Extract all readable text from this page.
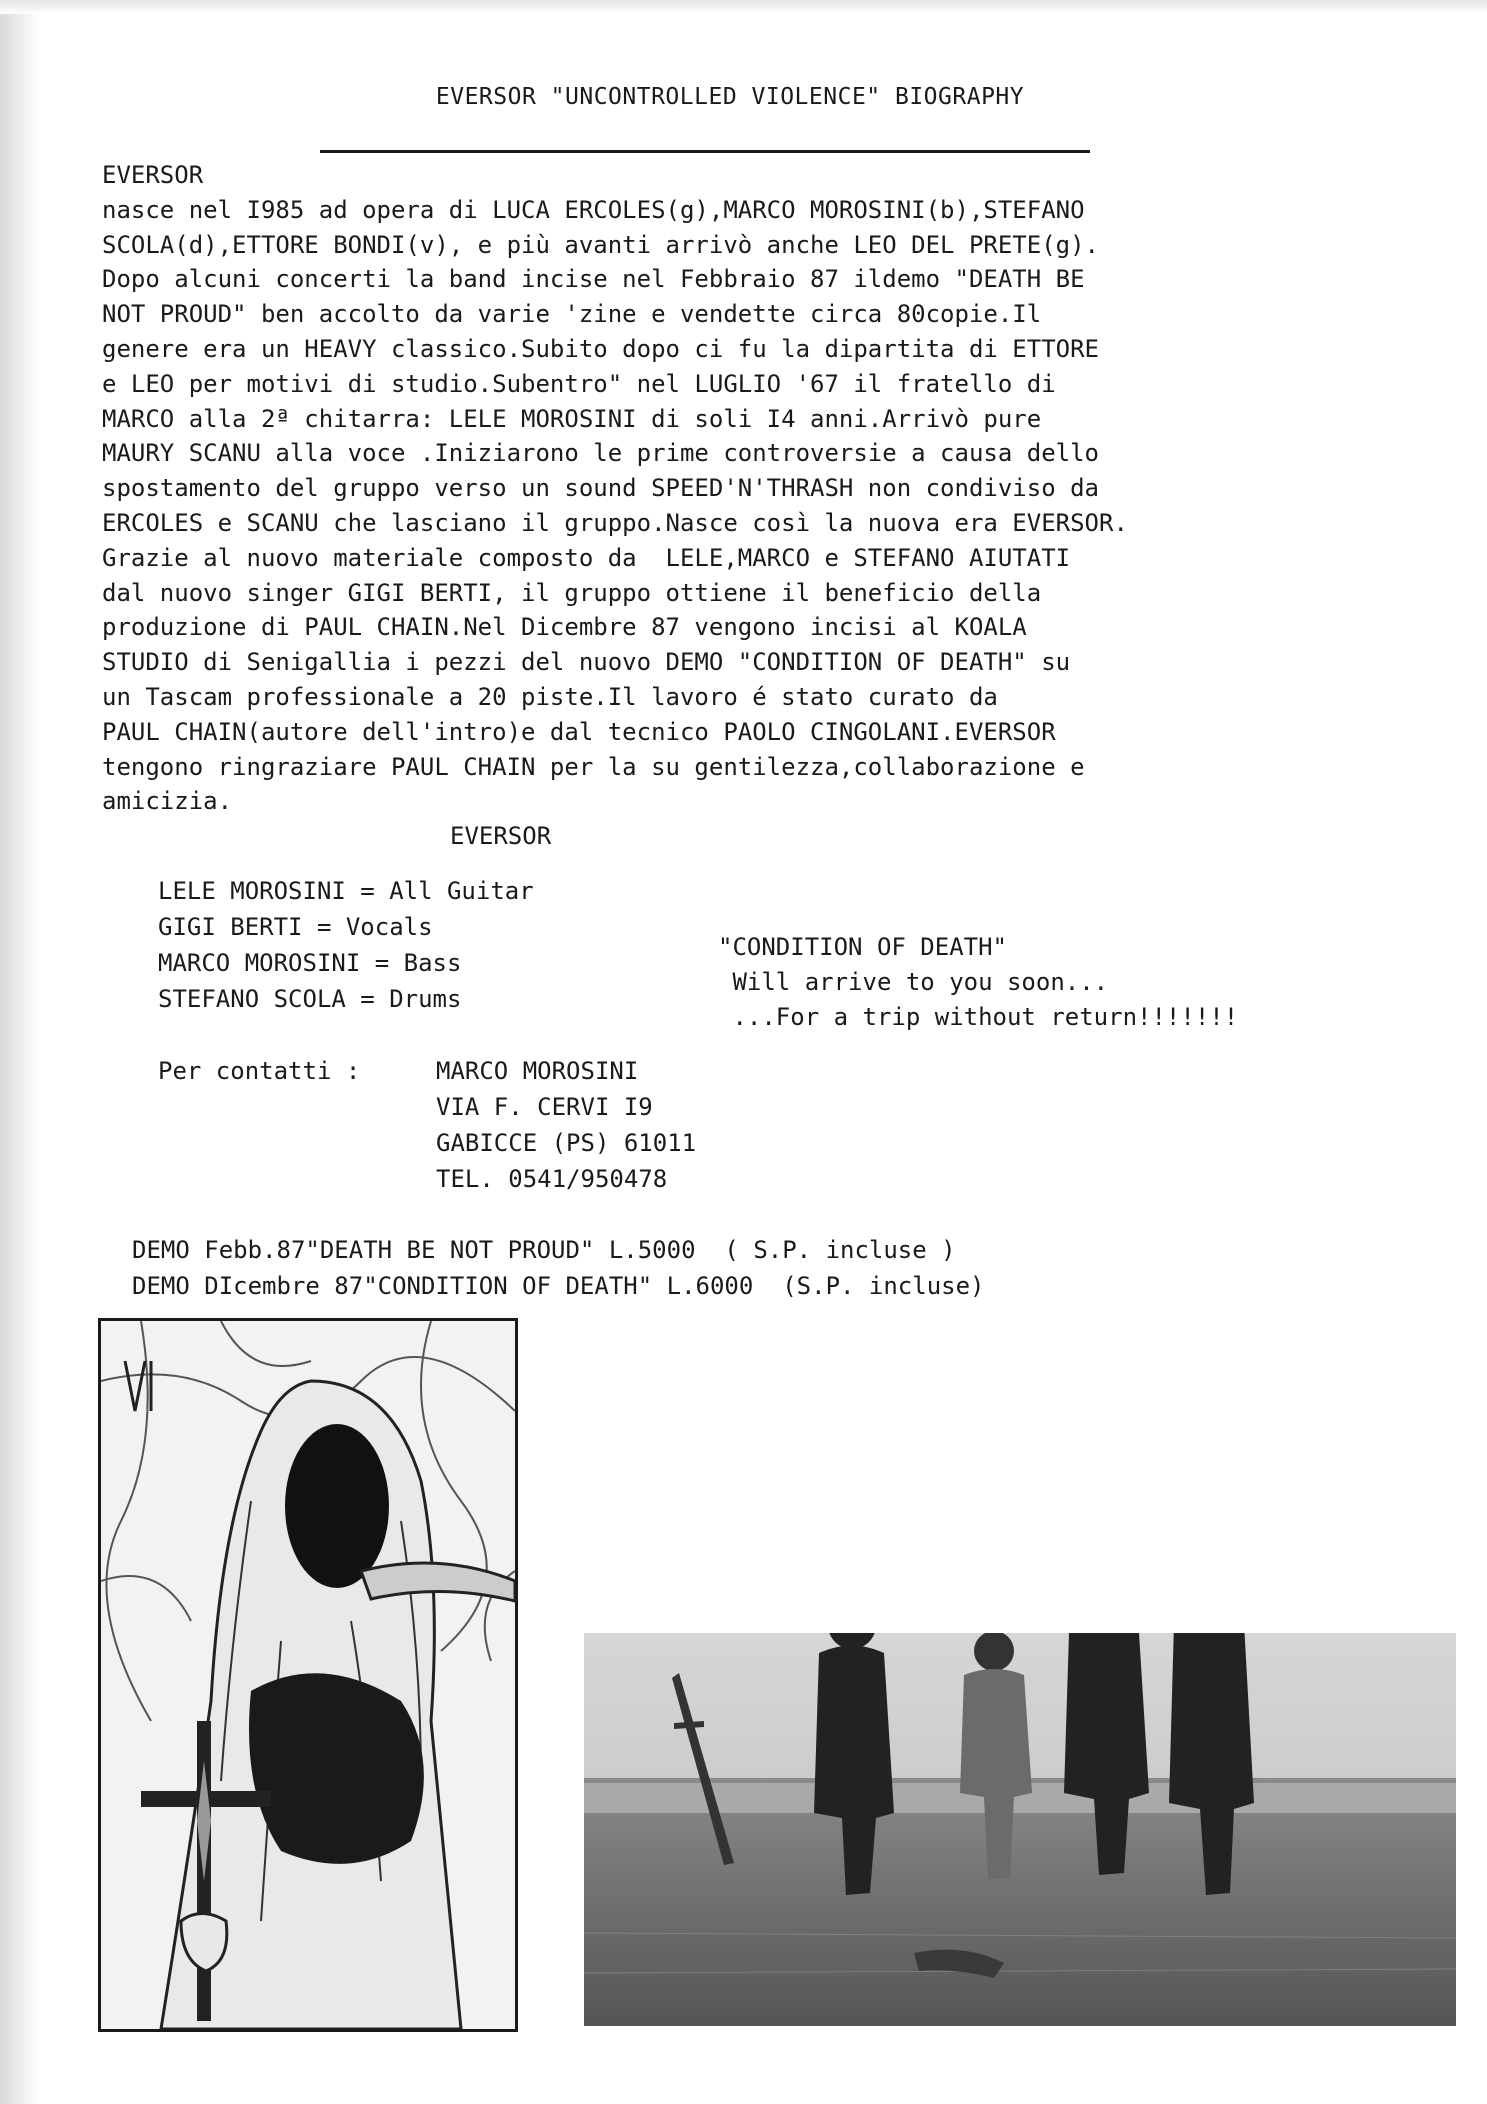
EVERSOR "UNCONTROLLED VIOLENCE" BIOGRAPHY
EVERSOR
nasce nel I985 ad opera di LUCA ERCOLES(g),MARCO MOROSINI(b),STEFANO
SCOLA(d),ETTORE BONDI(v), e più avanti arrivò anche LEO DEL PRETE(g).
Dopo alcuni concerti la band incise nel Febbraio 87 ildemo "DEATH BE
NOT PROUD" ben accolto da varie 'zine e vendette circa 80copie.Il
genere era un HEAVY classico.Subito dopo ci fu la dipartita di ETTORE
e LEO per motivi di studio.Subentro" nel LUGLIO '67 il fratello di
MARCO alla 2ª chitarra: LELE MOROSINI di soli I4 anni.Arrivò pure
MAURY SCANU alla voce .Iniziarono le prime controversie a causa dello
spostamento del gruppo verso un sound SPEED'N'THRASH non condiviso da
ERCOLES e SCANU che lasciano il gruppo.Nasce così la nuova era EVERSOR.
Grazie al nuovo materiale composto da  LELE,MARCO e STEFANO AIUTATI
dal nuovo singer GIGI BERTI, il gruppo ottiene il beneficio della
produzione di PAUL CHAIN.Nel Dicembre 87 vengono incisi al KOALA
STUDIO di Senigallia i pezzi del nuovo DEMO "CONDITION OF DEATH" su
un Tascam professionale a 20 piste.Il lavoro é stato curato da
PAUL CHAIN(autore dell'intro)e dal tecnico PAOLO CINGOLANI.EVERSOR
tengono ringraziare PAUL CHAIN per la su gentilezza,collaborazione e
amicizia.
EVERSOR
LELE MOROSINI = All Guitar
GIGI BERTI = Vocals
MARCO MOROSINI = Bass
STEFANO SCOLA = Drums
"CONDITION OF DEATH"
Will arrive to you soon...
...For a trip without return!!!!!!!
Per contatti :	MARCO MOROSINI
VIA F. CERVI I9
GABICCE (PS) 61011
TEL. 0541/950478
DEMO Febb.87"DEATH BE NOT PROUD" L.5000  ( S.P. incluse )
DEMO DIcembre 87"CONDITION OF DEATH" L.6000  (S.P. incluse)
